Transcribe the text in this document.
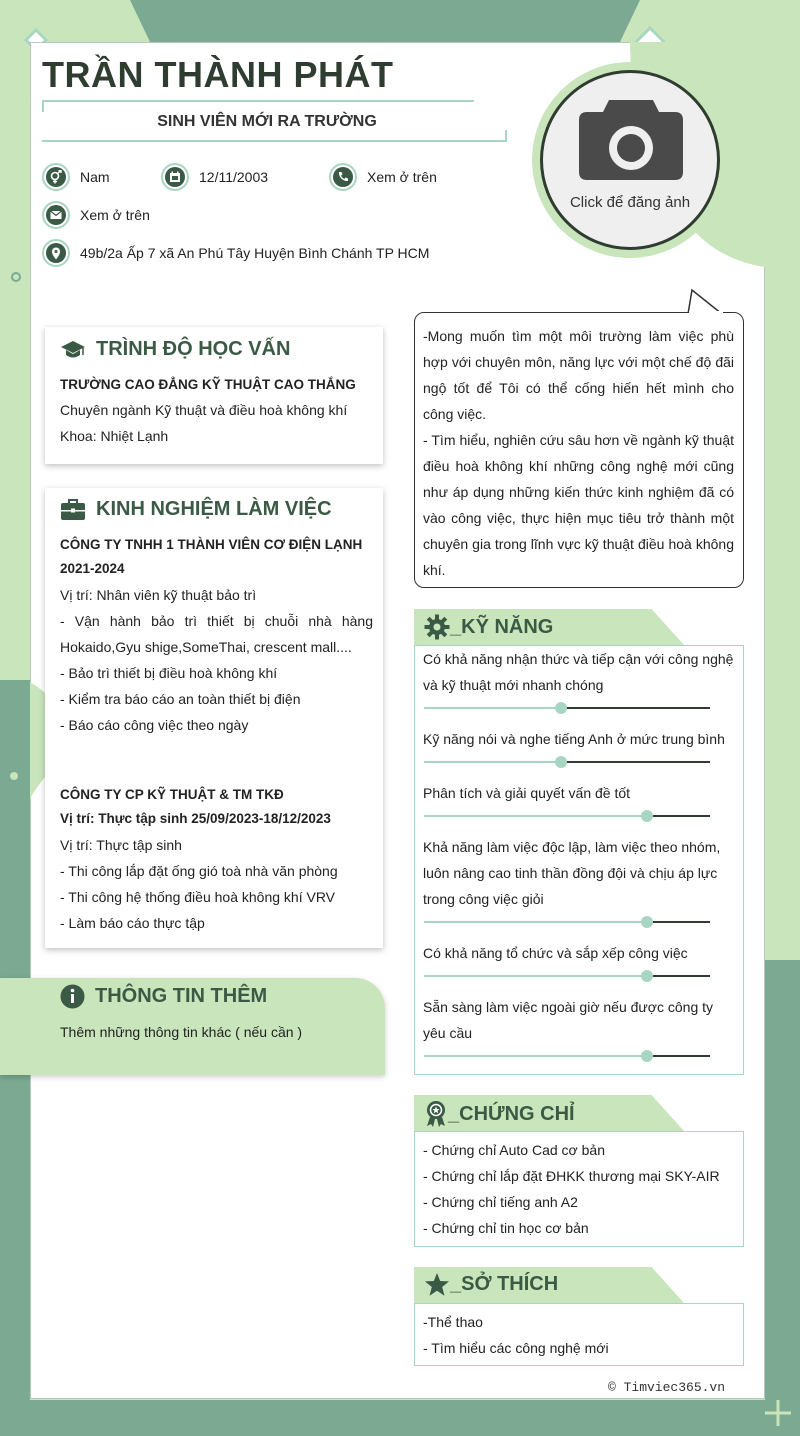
TRẦN THÀNH PHÁT
SINH VIÊN MỚI RA TRƯỜNG
Nam	12/11/2003	Xem ở trên
Xem ở trên
49b/2a Ấp 7 xã An Phú Tây Huyện Bình Chánh TP HCM
Click để đăng ảnh
-Mong muốn tìm một môi trường làm việc phù hợp với chuyên môn, năng lực với một chế độ đãi ngộ tốt để Tôi có thể cống hiến hết mình cho công việc.
- Tìm hiểu, nghiên cứu sâu hơn về ngành kỹ thuật điều hoà không khí những công nghệ mới cũng như áp dụng những kiến thức kinh nghiệm đã có vào công việc, thực hiện mục tiêu trở thành một chuyên gia trong lĩnh vực kỹ thuật điều hoà không khí.
TRÌNH ĐỘ HỌC VẤN
TRƯỜNG CAO ĐẲNG KỸ THUẬT CAO THẮNG
Chuyên ngành Kỹ thuật và điều hoà không khí
Khoa: Nhiệt Lạnh
KINH NGHIỆM LÀM VIỆC
CÔNG TY TNHH 1 THÀNH VIÊN CƠ ĐIỆN LẠNH
2021-2024
Vị trí: Nhân viên kỹ thuật bảo trì
- Vận hành bảo trì thiết bị chuỗi nhà hàng Hokaido,Gyu shige,SomeThai, crescent mall....
- Bảo trì thiết bị điều hoà không khí
- Kiểm tra báo cáo an toàn thiết bị điện
- Báo cáo công việc theo ngày
CÔNG TY CP KỸ THUẬT & TM TKĐ
Vị trí: Thực tập sinh 25/09/2023-18/12/2023
Vị trí: Thực tập sinh
- Thi công lắp đặt ống gió toà nhà văn phòng
- Thi công hệ thống điều hoà không khí VRV
- Làm báo cáo thực tập
THÔNG TIN THÊM
Thêm những thông tin khác ( nếu cần )
_KỸ NĂNG
Có khả năng nhận thức và tiếp cận với công nghệ và kỹ thuật mới nhanh chóng
Kỹ năng nói và nghe tiếng Anh ở mức trung bình
Phân tích và giải quyết vấn đề tốt
Khả năng làm việc độc lập, làm việc theo nhóm, luôn nâng cao tinh thần đồng đội và chịu áp lực trong công việc giỏi
Có khả năng tổ chức và sắp xếp công việc
Sẵn sàng làm việc ngoài giờ nếu được công ty yêu cầu
_CHỨNG CHỈ
- Chứng chỉ Auto Cad cơ bản
- Chứng chỉ lắp đặt ĐHKK thương mại SKY-AIR
- Chứng chỉ tiếng anh A2
- Chứng chỉ tin học cơ bản
_SỞ THÍCH
-Thể thao
- Tìm hiểu các công nghệ mới
© Timviec365.vn
